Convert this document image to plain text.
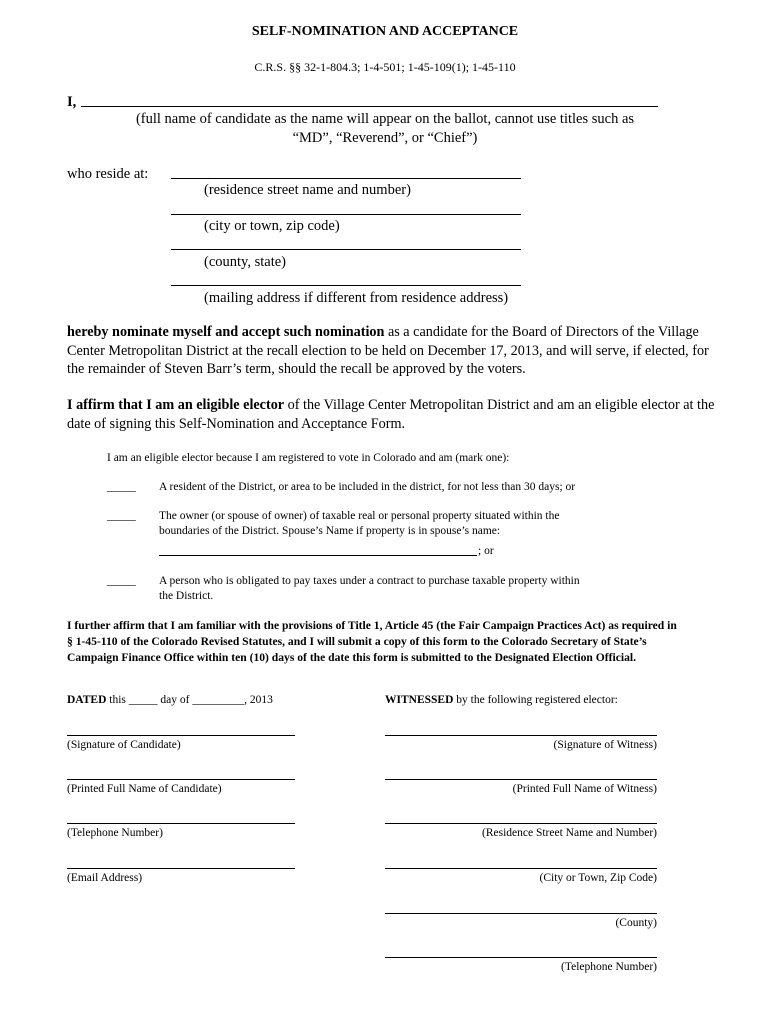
SELF-NOMINATION AND ACCEPTANCE
C.R.S. §§ 32-1-804.3; 1-4-501; 1-45-109(1); 1-45-110
I,
(full name of candidate as the name will appear on the ballot, cannot use titles such as
“MD”, “Reverend”, or “Chief”)
who reside at:
(residence street name and number)
(city or town, zip code)
(county, state)
(mailing address if different from residence address)
hereby nominate myself and accept such nomination as a candidate for the Board of Directors of the Village Center Metropolitan District at the recall election to be held on December 17, 2013, and will serve, if elected, for the remainder of Steven Barr’s term, should the recall be approved by the voters.
I affirm that I am an eligible elector of the Village Center Metropolitan District and am an eligible elector at the date of signing this Self-Nomination and Acceptance Form.
I am an eligible elector because I am registered to vote in Colorado and am (mark one):
_____ A resident of the District, or area to be included in the district, for not less than 30 days; or
_____ The owner (or spouse of owner) of taxable real or personal property situated within the
boundaries of the District. Spouse’s Name if property is in spouse’s name:
; or
_____ A person who is obligated to pay taxes under a contract to purchase taxable property within
the District.
I further affirm that I am familiar with the provisions of Title 1, Article 45 (the Fair Campaign Practices Act) as required in § 1-45-110 of the Colorado Revised Statutes, and I will submit a copy of this form to the Colorado Secretary of State’s Campaign Finance Office within ten (10) days of the date this form is submitted to the Designated Election Official.
DATED this _____ day of _________, 2013	WITNESSED by the following registered elector:
(Signature of Candidate)
(Printed Full Name of Candidate)
(Telephone Number)
(Email Address)
(Signature of Witness)
(Printed Full Name of Witness)
(Residence Street Name and Number)
(City or Town, Zip Code)
(County)
(Telephone Number)
